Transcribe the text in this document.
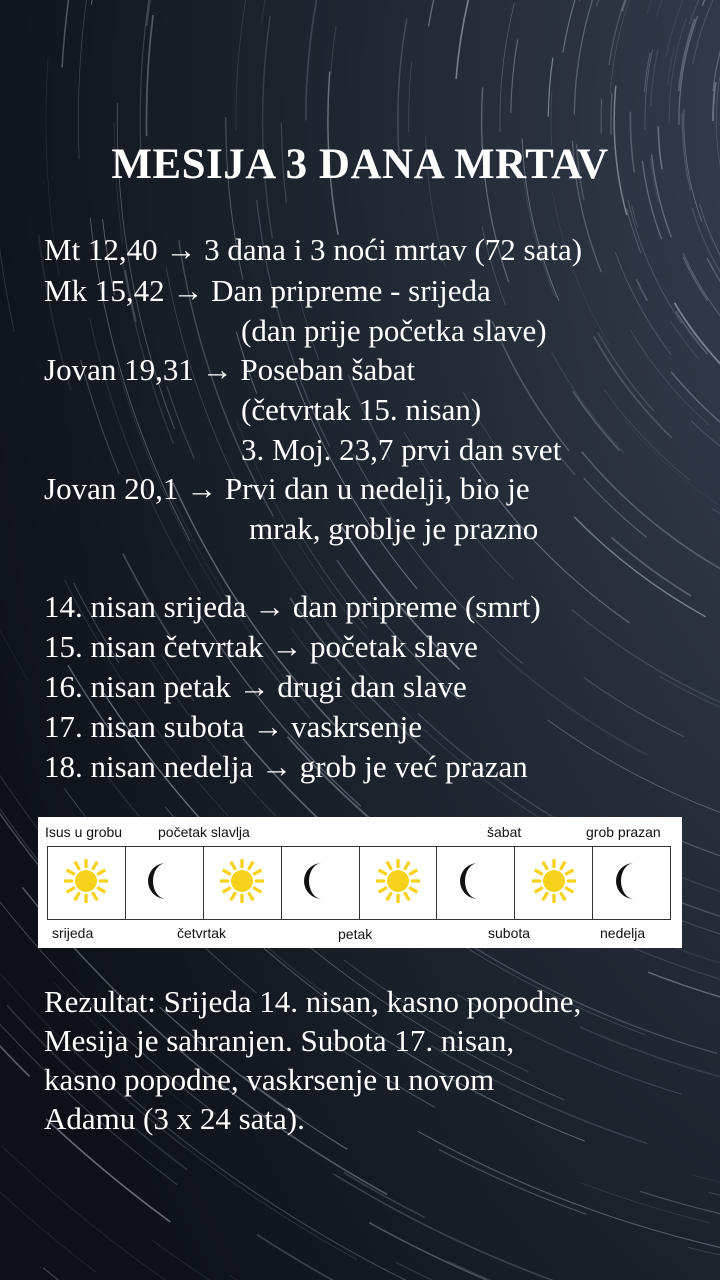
MESIJA 3 DANA MRTAV
Mt 12,40 → 3 dana i 3 noći mrtav (72 sata)
Mk 15,42 → Dan pripreme - srijeda
(dan prije početka slave)
Jovan 19,31 → Poseban šabat
(četvrtak 15. nisan)
3. Moj. 23,7 prvi dan svet
Jovan 20,1 → Prvi dan u nedelji, bio je
mrak, groblje je prazno
14. nisan srijeda → dan pripreme (smrt)
15. nisan četvrtak → početak slave
16. nisan petak → drugi dan slave
17. nisan subota → vaskrsenje
18. nisan nedelja → grob je već prazan
Isus u grobu	početak slavlja	šabat	grob prazan
srijeda	četvrtak	petak	subota	nedelja
Rezultat: Srijeda 14. nisan, kasno popodne,
Mesija je sahranjen. Subota 17. nisan,
kasno popodne, vaskrsenje u novom
Adamu (3 x 24 sata).
